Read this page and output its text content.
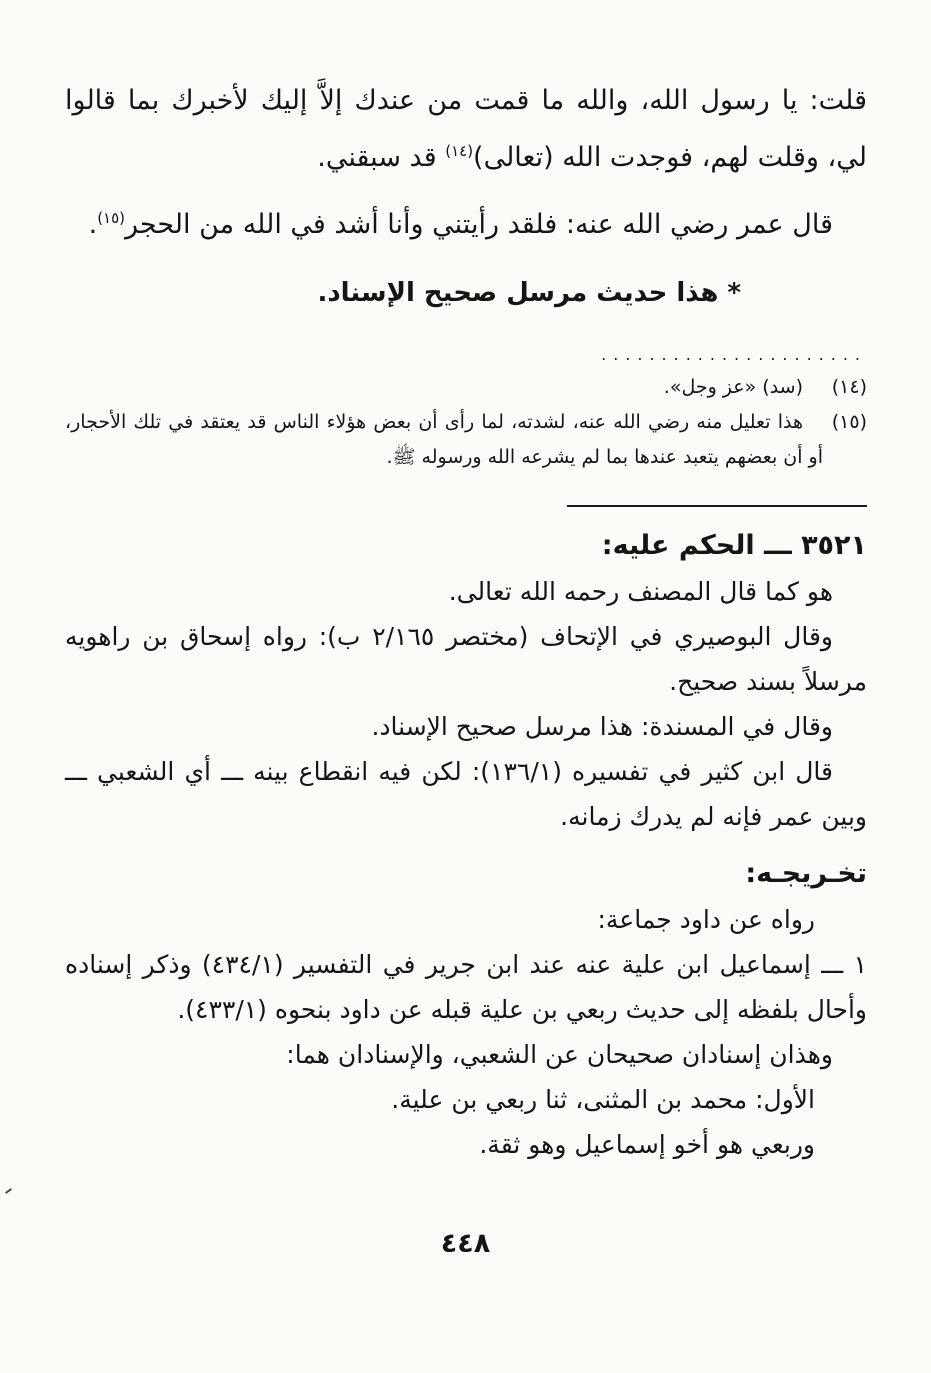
قلت: يا رسول الله، والله ما قمت من عندك إلاَّ إليك لأخبرك بما قالوا لي، وقلت لهم، فوجدت الله (تعالى)$^{(١٤)}$ قد سبقني.

قال عمر رضي الله عنه: فلقد رأيتني وأنا أشد في الله من الحجر$^{(١٥)}$.

* هذا حديث مرسل صحيح الإسناد.

......................

(١٤)(سد) «عز وجل».

(١٥)هذا تعليل منه رضي الله عنه، لشدته، لما رأى أن بعض هؤلاء الناس قد يعتقد في تلك الأحجار، أو أن بعضهم يتعبد عندها بما لم يشرعه الله ورسوله ﷺ.

٣٥٢١ ـــ الحكم عليه:

هو كما قال المصنف رحمه الله تعالى.

وقال البوصيري في الإتحاف (مختصر ٢/١٦٥ ب): رواه إسحاق بن راهويه مرسلاً بسند صحيح.

وقال في المسندة: هذا مرسل صحيح الإسناد.

قال ابن كثير في تفسيره (١٣٦/١): لكن فيه انقطاع بينه ـــ أي الشعبي ـــ وبين عمر فإنه لم يدرك زمانه.

تخـريجـه:

رواه عن داود جماعة:

١ ـــ إسماعيل ابن علية عنه عند ابن جرير في التفسير (٤٣٤/١) وذكر إسناده وأحال بلفظه إلى حديث ربعي بن علية قبله عن داود بنحوه (٤٣٣/١).

وهذان إسنادان صحيحان عن الشعبي، والإسنادان هما:

الأول: محمد بن المثنى، ثنا ربعي بن علية.

وربعي هو أخو إسماعيل وهو ثقة.

٤٤٨
